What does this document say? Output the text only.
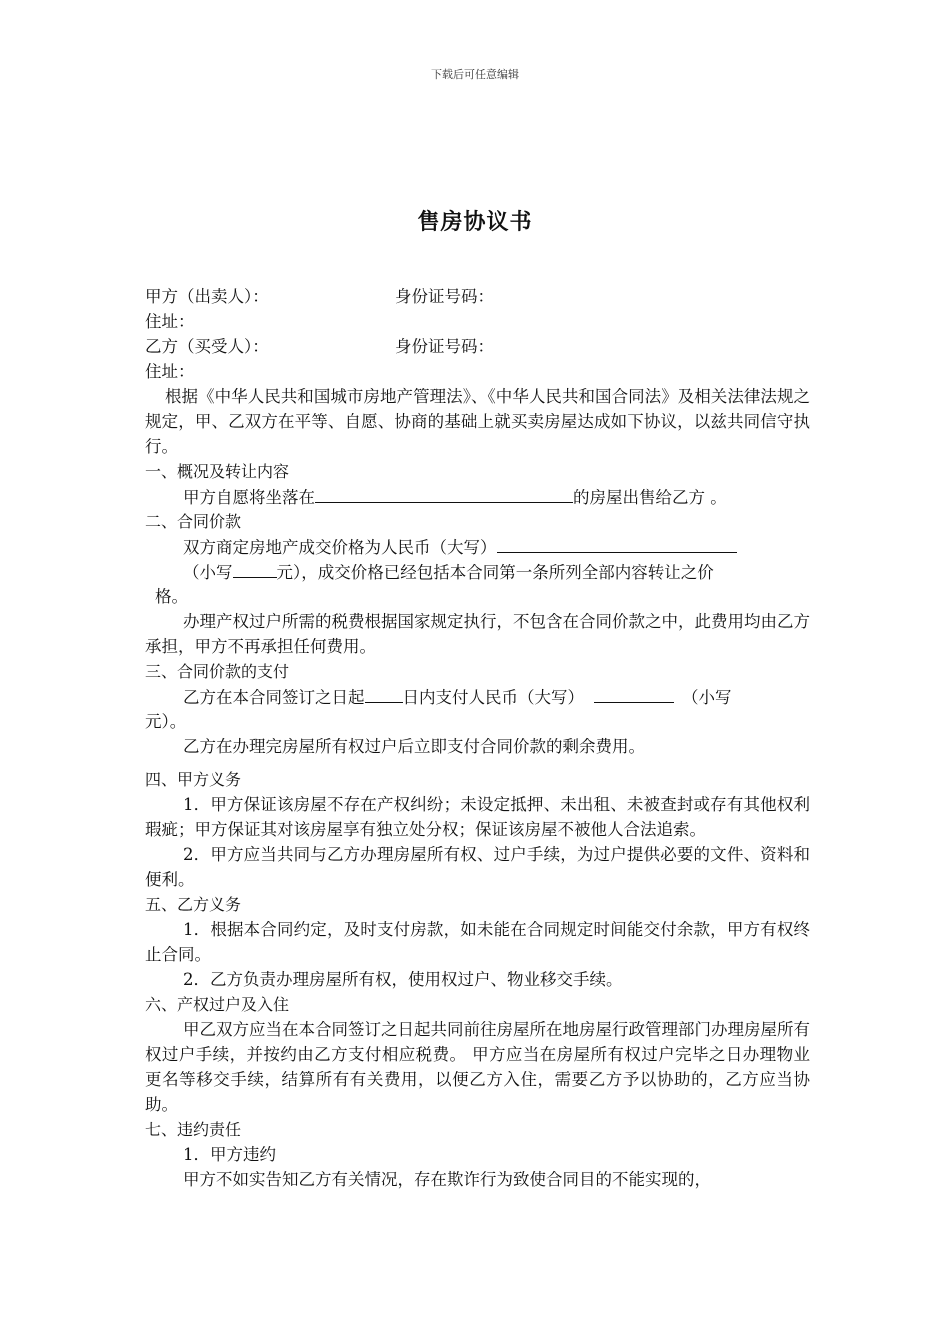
下载后可任意编辑
售房协议书
甲方（出卖人）：	身份证号码：
住址：
乙方（买受人）：	身份证号码：
住址：
根据《中华人民共和国城市房地产管理法》、《中华人民共和国合同法》及相关法律法规之规定，甲、乙双方在平等、自愿、协商的基础上就买卖房屋达成如下协议，以兹共同信守执行。
一、概况及转让内容
甲方自愿将坐落在	的房屋出售给乙方 。
二、合同价款
双方商定房地产成交价格为人民币（大写）
（小写	元），成交价格已经包括本合同第一条所列全部内容转让之价
格。
办理产权过户所需的税费根据国家规定执行，不包含在合同价款之中，此费用均由乙方承担，甲方不再承担任何费用。
三、合同价款的支付
乙方在本合同签订之日起 日内支付人民币（大写）	（小写
元）。
乙方在办理完房屋所有权过户后立即支付合同价款的剩余费用。
四、甲方义务
1．甲方保证该房屋不存在产权纠纷；未设定抵押、未出租、未被查封或存有其他权利瑕疵；甲方保证其对该房屋享有独立处分权；保证该房屋不被他人合法追索。
2．甲方应当共同与乙方办理房屋所有权、过户手续，为过户提供必要的文件、资料和便利。
五、乙方义务
1．根据本合同约定，及时支付房款，如未能在合同规定时间能交付余款，甲方有权终止合同。
2．乙方负责办理房屋所有权，使用权过户、物业移交手续。
六、产权过户及入住
甲乙双方应当在本合同签订之日起共同前往房屋所在地房屋行政管理部门办理房屋所有权过户手续，并按约由乙方支付相应税费。 甲方应当在房屋所有权过户完毕之日办理物业更名等移交手续，结算所有有关费用，以便乙方入住，需要乙方予以协助的，乙方应当协助。
七、违约责任
1．甲方违约
甲方不如实告知乙方有关情况，存在欺诈行为致使合同目的不能实现的，
